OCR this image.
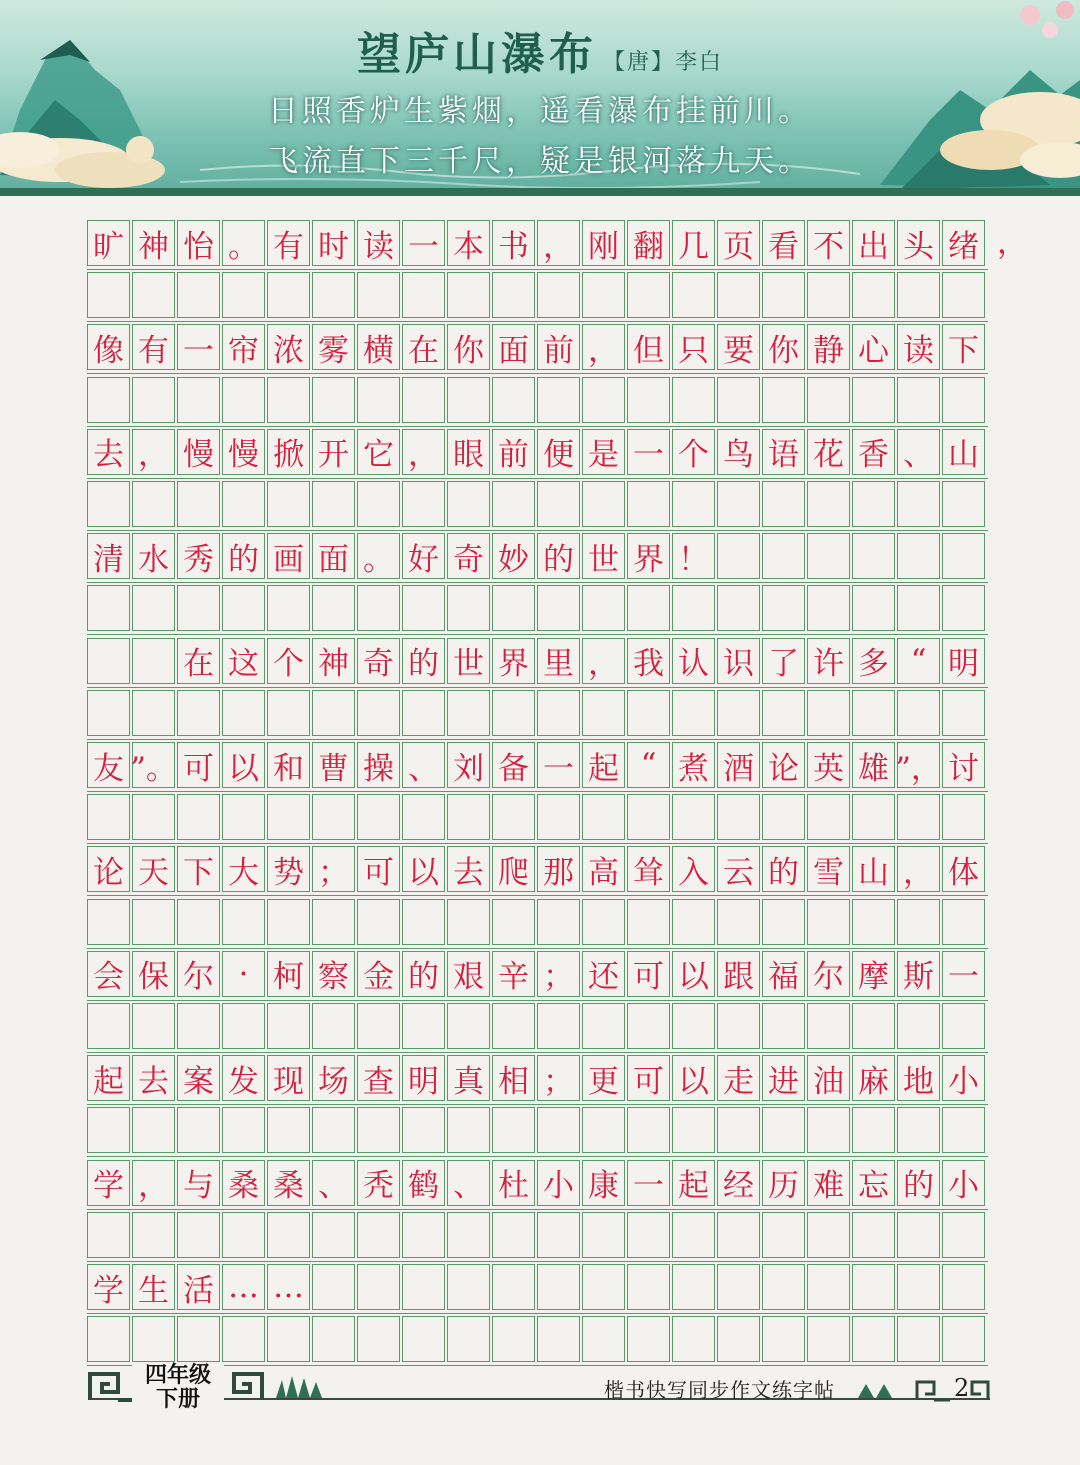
望庐山瀑布 【唐】李白
日照香炉生紫烟，遥看瀑布挂前川。
飞流直下三千尺，疑是银河落九天。
旷 神 怡 。 有 时 读 一 本 书 ， 刚 翻 几 页 看 不 出 头 绪 ，
像 有 一 帘 浓 雾 横 在 你 面 前 ， 但 只 要 你 静 心 读 下
去 ， 慢 慢 掀 开 它 ， 眼 前 便 是 一 个 鸟 语 花 香 、 山
清 水 秀 的 画 面 。 好 奇 妙 的 世 界 ！
在 这 个 神 奇 的 世 界 里 ， 我 认 识 了 许 多 “ 明
友 ”。 可 以 和 曹 操 、 刘 备 一 起 “ 煮 酒 论 英 雄 ”， 讨
论 天 下 大 势 ； 可 以 去 爬 那 高 耸 入 云 的 雪 山 ， 体
会 保 尔 · 柯 察 金 的 艰 辛 ； 还 可 以 跟 福 尔 摩 斯 一
起 去 案 发 现 场 查 明 真 相 ； 更 可 以 走 进 油 麻 地 小
学 ， 与 桑 桑 、 秃 鹤 、 杜 小 康 一 起 经 历 难 忘 的 小
学 生 活 … …
四年级
下册	楷书快写同步作文练字帖	2
